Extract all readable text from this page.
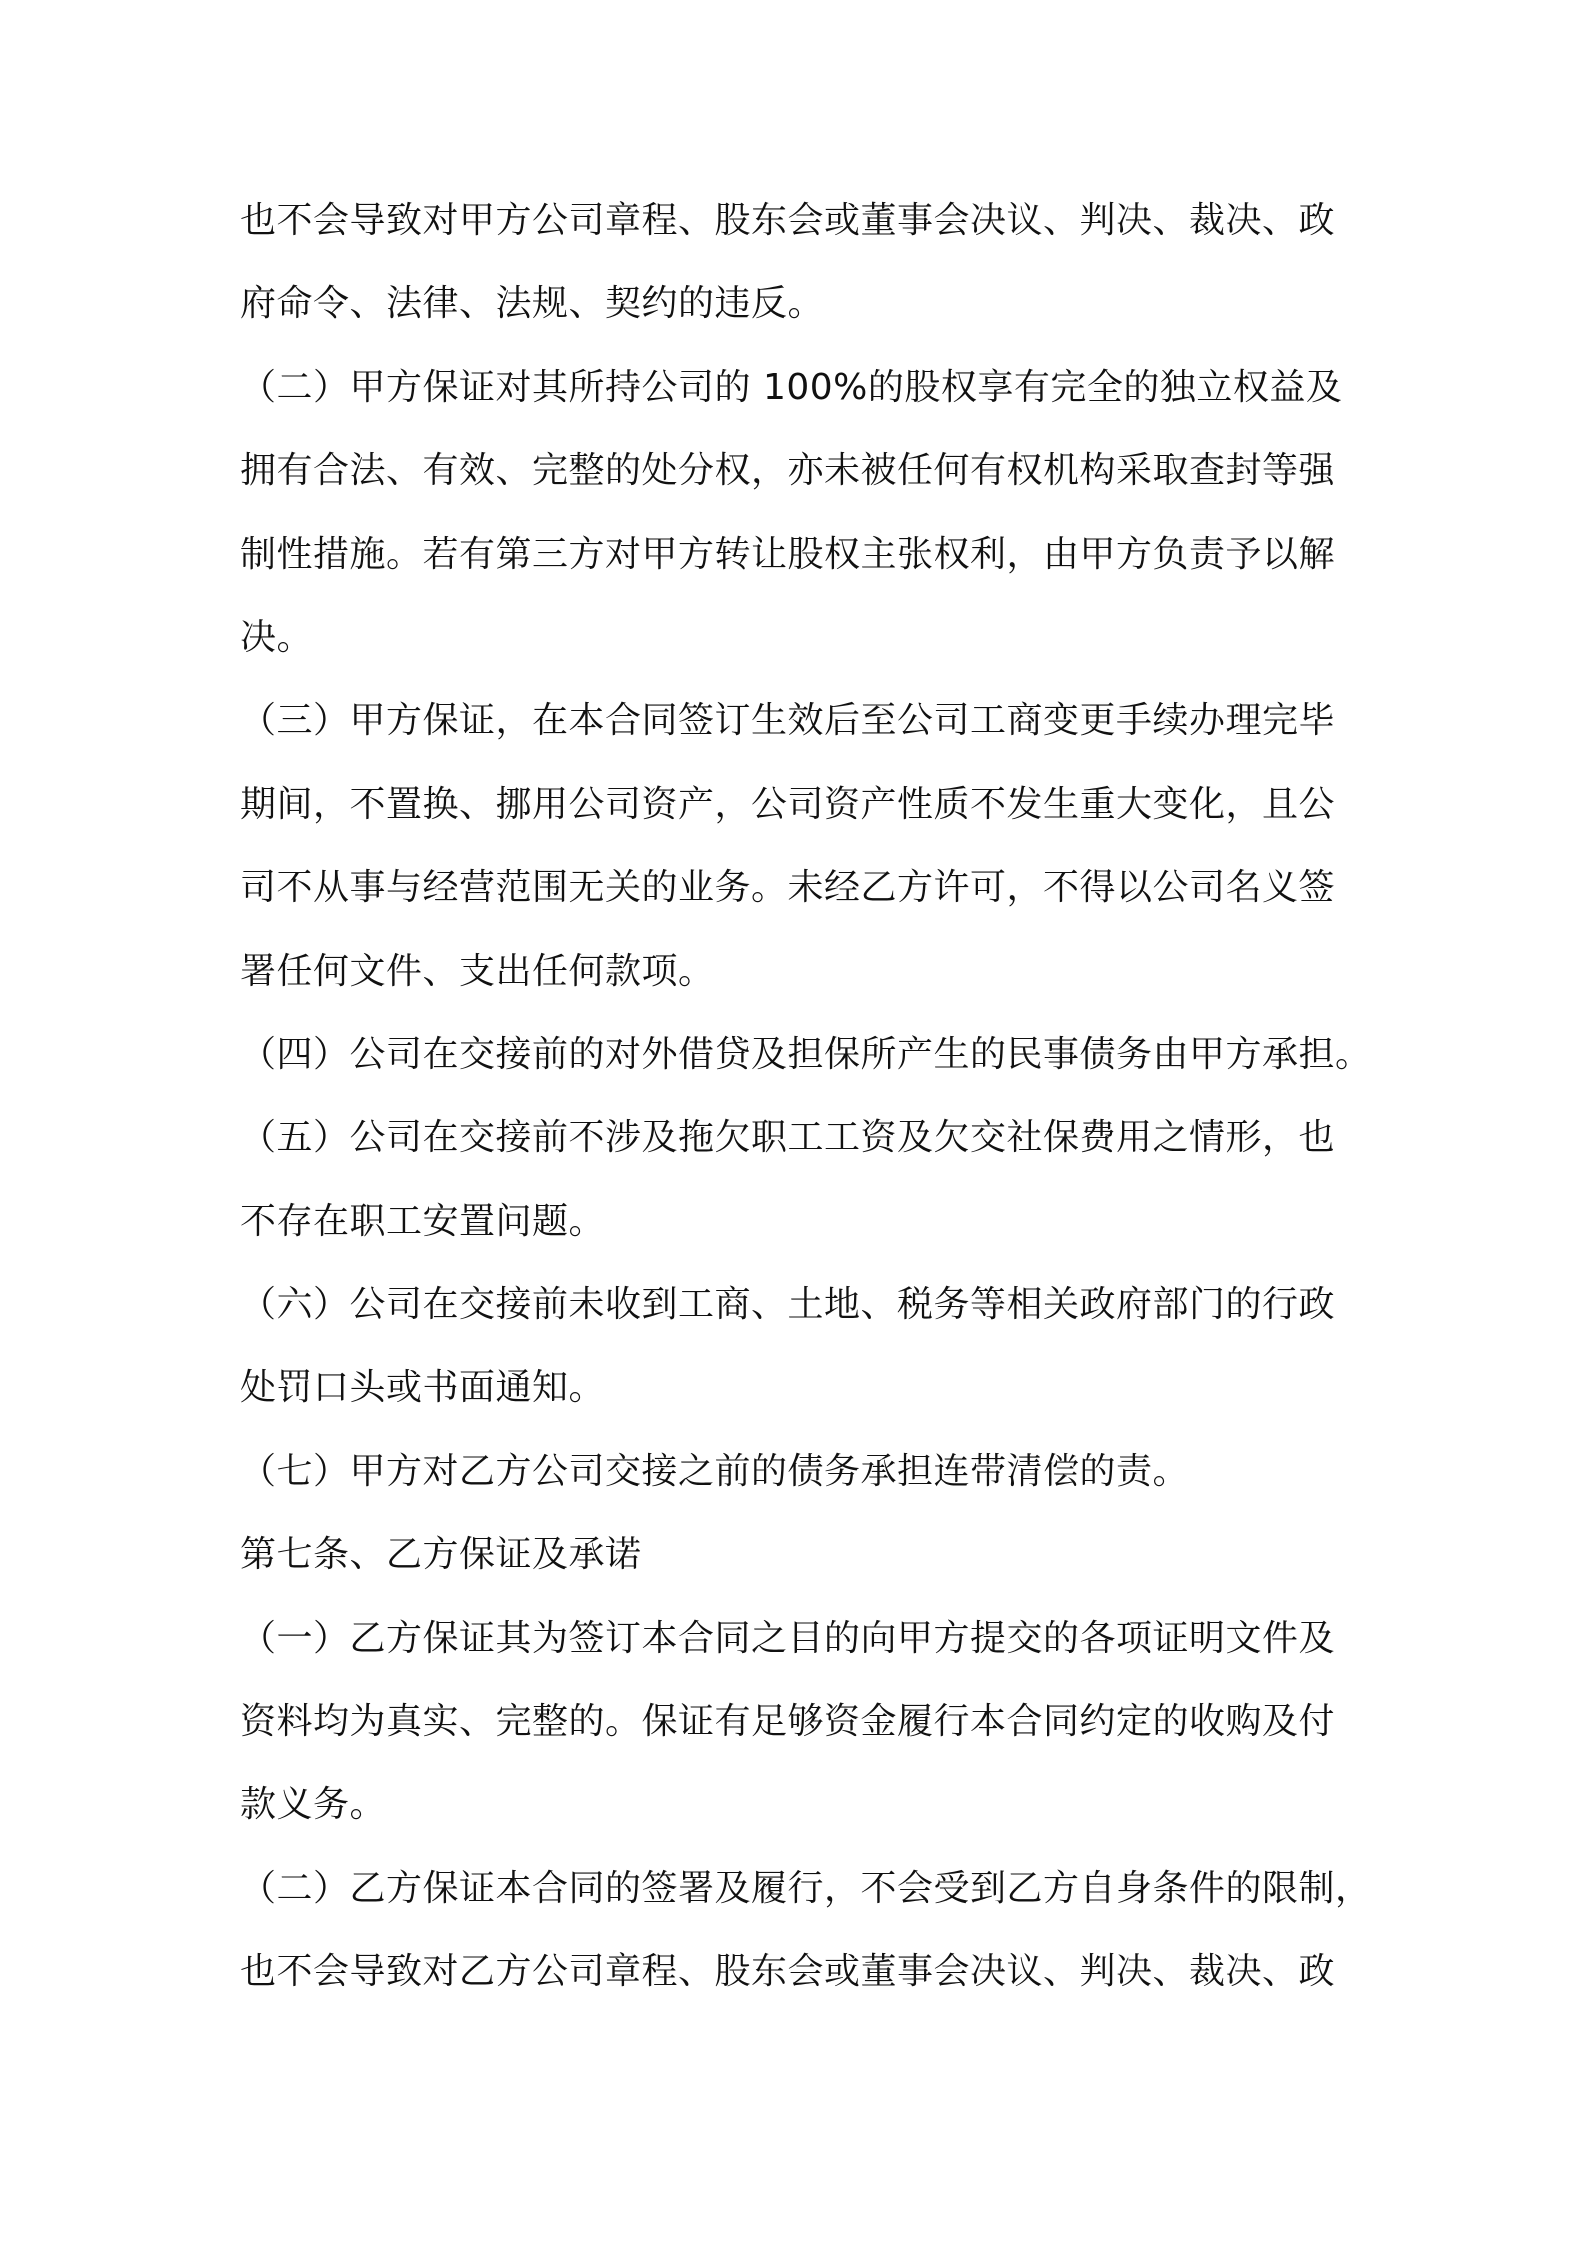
也不会导致对甲方公司章程、股东会或董事会决议、判决、裁决、政
府命令、法律、法规、契约的违反。
（二）甲方保证对其所持公司的 100%的股权享有完全的独立权益及
拥有合法、有效、完整的处分权，亦未被任何有权机构采取查封等强
制性措施。若有第三方对甲方转让股权主张权利，由甲方负责予以解
决。
（三）甲方保证，在本合同签订生效后至公司工商变更手续办理完毕
期间，不置换、挪用公司资产，公司资产性质不发生重大变化，且公
司不从事与经营范围无关的业务。未经乙方许可，不得以公司名义签
署任何文件、支出任何款项。
（四）公司在交接前的对外借贷及担保所产生的民事债务由甲方承担。
（五）公司在交接前不涉及拖欠职工工资及欠交社保费用之情形，也
不存在职工安置问题。
（六）公司在交接前未收到工商、土地、税务等相关政府部门的行政
处罚口头或书面通知。
（七）甲方对乙方公司交接之前的债务承担连带清偿的责。
第七条、乙方保证及承诺
（一）乙方保证其为签订本合同之目的向甲方提交的各项证明文件及
资料均为真实、完整的。保证有足够资金履行本合同约定的收购及付
款义务。
（二）乙方保证本合同的签署及履行，不会受到乙方自身条件的限制，
也不会导致对乙方公司章程、股东会或董事会决议、判决、裁决、政
